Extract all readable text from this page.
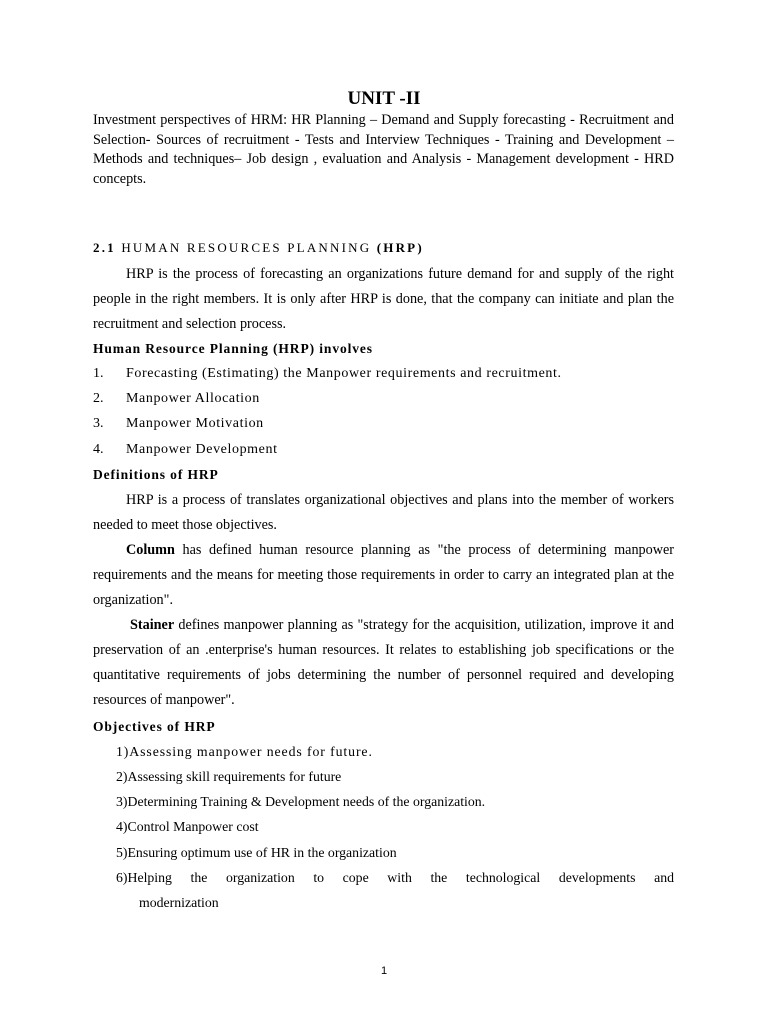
UNIT -II
Investment perspectives of HRM: HR Planning – Demand and Supply forecasting - Recruitment and Selection- Sources of recruitment - Tests and Interview Techniques - Training and Development – Methods and techniques– Job design , evaluation and Analysis - Management development - HRD concepts.
2.1 HUMAN RESOURCES PLANNING (HRP)
HRP is the process of forecasting an organizations future demand for and supply of the right people in the right members. It is only after HRP is done, that the company can initiate and plan the recruitment and selection process.
Human Resource Planning (HRP) involves
1. Forecasting (Estimating) the Manpower requirements and recruitment.
2. Manpower Allocation
3. Manpower Motivation
4. Manpower Development
Definitions of HRP
HRP is a process of translates organizational objectives and plans into the member of workers needed to meet those objectives.
Column has defined human resource planning as "the process of determining manpower requirements and the means for meeting those requirements in order to carry an integrated plan at the organization".
Stainer defines manpower planning as "strategy for the acquisition, utilization, improve it and preservation of an .enterprise's human resources. It relates to establishing job specifications or the quantitative requirements of jobs determining the number of personnel required and developing resources of manpower".
Objectives of HRP
1)Assessing manpower needs for future.
2)Assessing skill requirements for future
3)Determining Training & Development needs of the organization.
4)Control Manpower cost
5)Ensuring optimum use of HR in the organization
6)Helping the organization to cope with the technological developments and
modernization
1
